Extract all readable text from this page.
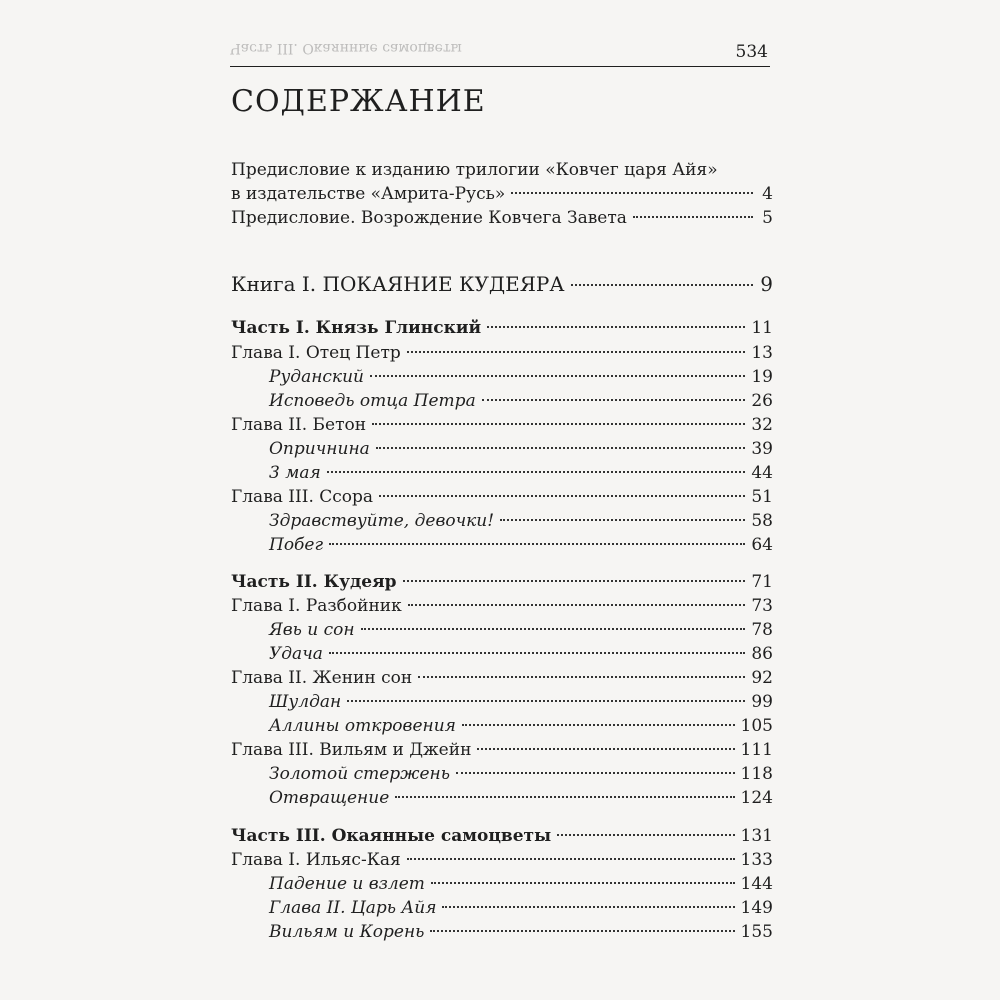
Часть III. Окаянные самоцветы	534
СОДЕРЖАНИЕ
Предисловие к изданию трилогии «Ковчег царя Айя»
в издательстве «Амрита-Русь»	4
Предисловие. Возрождение Ковчега Завета	5
Книга I. ПОКАЯНИЕ КУДЕЯРА	9
Часть I. Князь Глинский	11
Глава I. Отец Петр	13
Руданский	19
Исповедь отца Петра	26
Глава II. Бетон	32
Опричнина	39
3 мая	44
Глава III. Ссора	51
Здравствуйте, девочки!	58
Побег	64
Часть II. Кудеяр	71
Глава I. Разбойник	73
Явь и сон	78
Удача	86
Глава II. Женин сон	92
Шулдан	99
Аллины откровения	105
Глава III. Вильям и Джейн	111
Золотой стержень	118
Отвращение	124
Часть III. Окаянные самоцветы	131
Глава I. Ильяс-Кая	133
Падение и взлет	144
Глава II. Царь Айя	149
Вильям и Корень	155
